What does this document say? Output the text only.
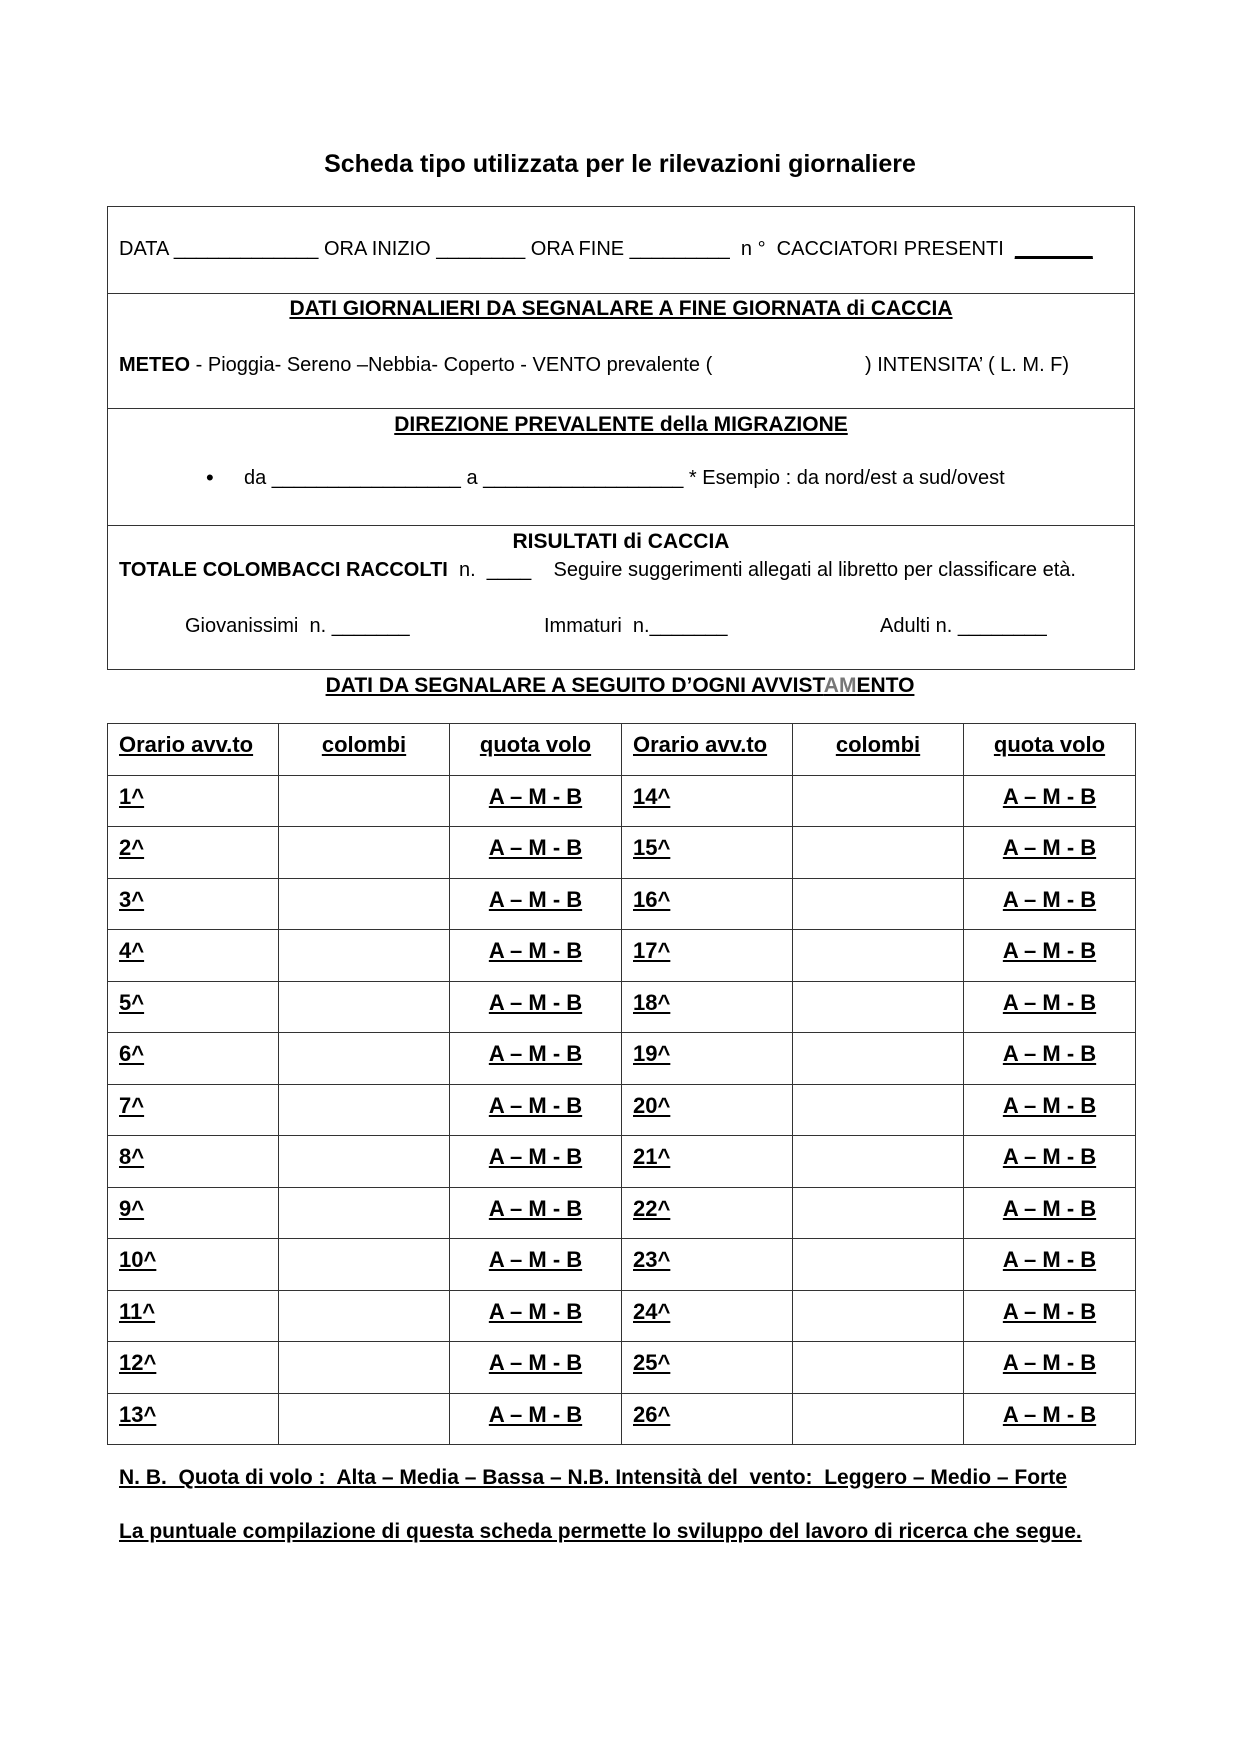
Scheda tipo utilizzata per le rilevazioni giornaliere
DATA _____________ ORA INIZIO ________ ORA FINE _________  n °  CACCIATORI PRESENTI  _______
DATI GIORNALIERI DA SEGNALARE A FINE GIORNATA di CACCIA
METEO - Pioggia- Sereno –Nebbia- Coperto - VENTO prevalente (	) INTENSITA’ ( L. M. F)
DIREZIONE PREVALENTE della MIGRAZIONE
• da _________________ a __________________ * Esempio : da nord/est a sud/ovest
RISULTATI di CACCIA
TOTALE COLOMBACCI RACCOLTI  n.  ____    Seguire suggerimenti allegati al libretto per classificare età.
Giovanissimi  n. _______	Immaturi  n._______	Adulti n. ________
DATI DA SEGNALARE A SEGUITO D’OGNI AVVISTAMENTO
Orario avv.to	colombi	quota volo	Orario avv.to	colombi	quota volo
1^		A – M - B	14^		A – M - B
2^		A – M - B	15^		A – M - B
3^		A – M - B	16^		A – M - B
4^		A – M - B	17^		A – M - B
5^		A – M - B	18^		A – M - B
6^		A – M - B	19^		A – M - B
7^		A – M - B	20^		A – M - B
8^		A – M - B	21^		A – M - B
9^		A – M - B	22^		A – M - B
10^		A – M - B	23^		A – M - B
11^		A – M - B	24^		A – M - B
12^		A – M - B	25^		A – M - B
13^		A – M - B	26^		A – M - B
N. B.  Quota di volo :  Alta – Media – Bassa – N.B. Intensità del  vento:  Leggero – Medio – Forte
La puntuale compilazione di questa scheda permette lo sviluppo del lavoro di ricerca che segue.
